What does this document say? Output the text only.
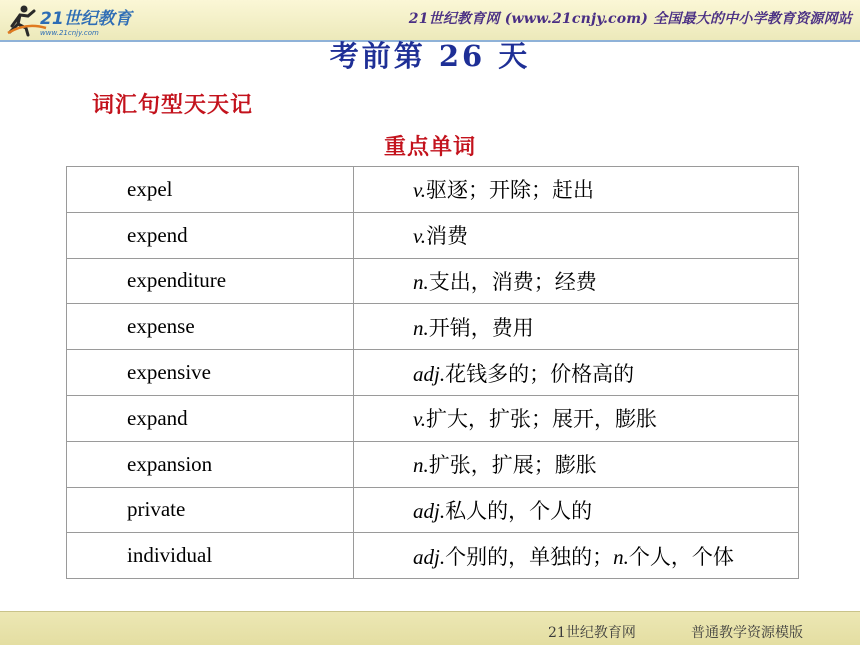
21世纪教育
www.21cnjy.com
21世纪教育网 (www.21cnjy.com) 全国最大的中小学教育资源网站
考前第 26 天
词汇句型天天记
重点单词
expel	v.驱逐；开除；赶出
expend	v.消费
expenditure	n.支出，消费；经费
expense	n.开销，费用
expensive	adj.花钱多的；价格高的
expand	v.扩大，扩张；展开，膨胀
expansion	n.扩张，扩展；膨胀
private	adj.私人的，个人的
individual	adj.个别的，单独的；n.个人，个体
21世纪教育网	普通教学资源模版
